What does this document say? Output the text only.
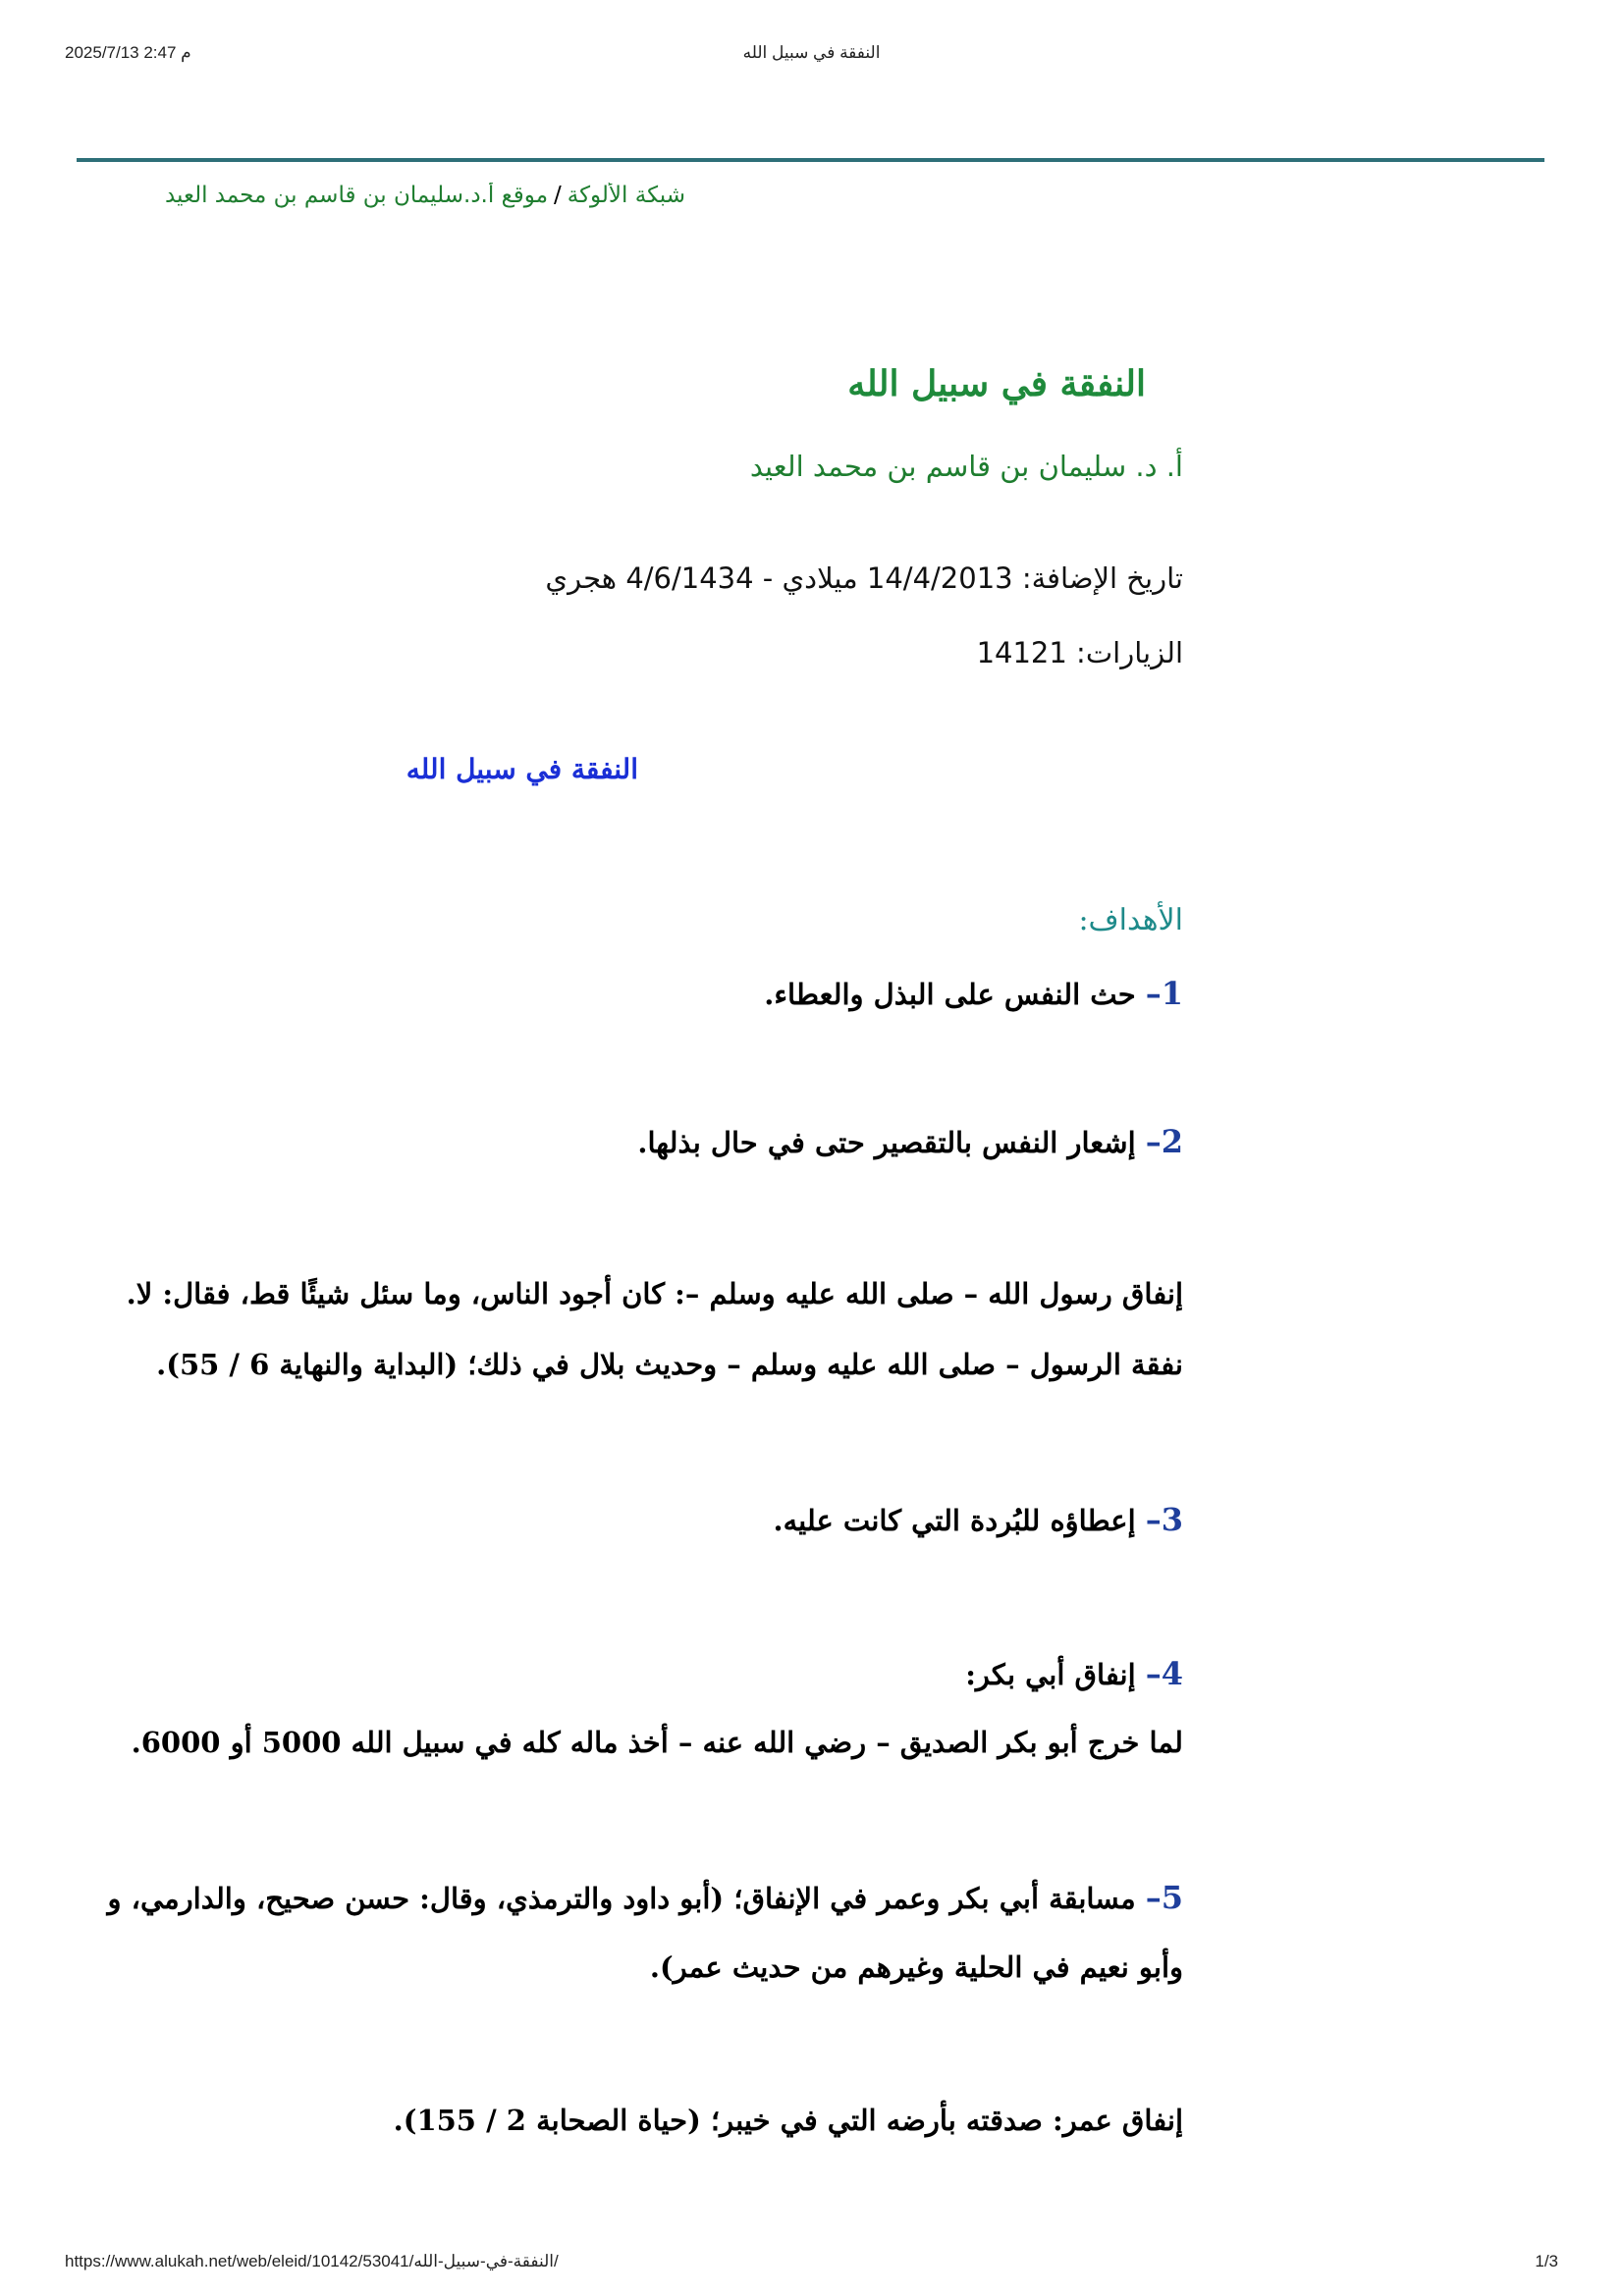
2025/7/13 2:47 م	النفقة في سبيل الله
شبكة الألوكة/موقع أ.د.سليمان بن قاسم بن محمد العيد
النفقة في سبيل الله
أ. د. سليمان بن قاسم بن محمد العيد
تاريخ الإضافة: 14/4/2013 ميلادي - 4/6/1434 هجري
الزيارات: 14121
النفقة في سبيل الله
الأهداف:
1– حث النفس على البذل والعطاء.
2– إشعار النفس بالتقصير حتى في حال بذلها.
إنفاق رسول الله – صلى الله عليه وسلم –: كان أجود الناس، وما سئل شيئًا قط، فقال: لا.
نفقة الرسول – صلى الله عليه وسلم – وحديث بلال في ذلك؛ (البداية والنهاية 6 / 55).
3– إعطاؤه للبُردة التي كانت عليه.
4– إنفاق أبي بكر:
لما خرج أبو بكر الصديق – رضي الله عنه – أخذ ماله كله في سبيل الله 5000 أو 6000.
5– مسابقة أبي بكر وعمر في الإنفاق؛ (أبو داود والترمذي، وقال: حسن صحيح، والدارمي، و
وأبو نعيم في الحلية وغيرهم من حديث عمر).
إنفاق عمر: صدقته بأرضه التي في خيبر؛ (حياة الصحابة 2 / 155).
https://www.alukah.net/web/eleid/10142/53041/النفقة-في-سبيل-الله/	1/3
